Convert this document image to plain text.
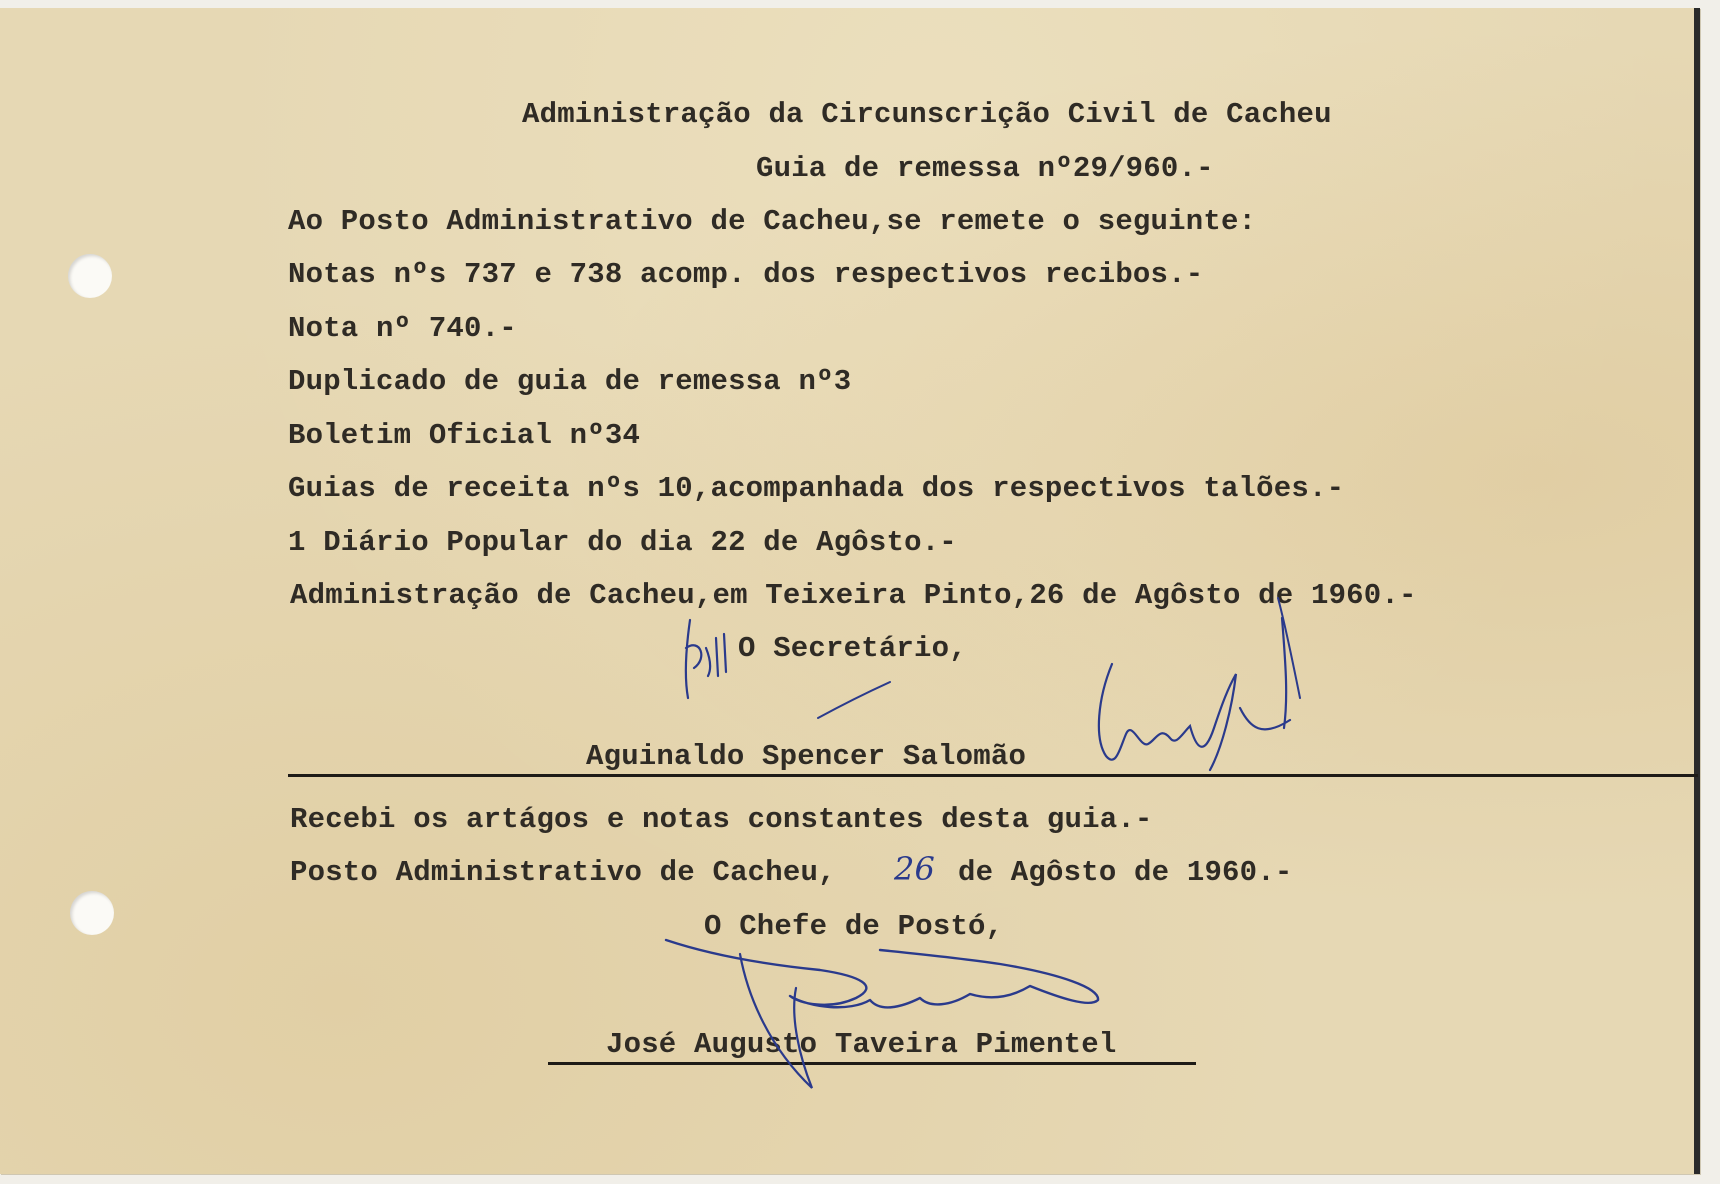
Administração da Circunscrição Civil de Cacheu
Guia de remessa nº29/960.-
Ao Posto Administrativo de Cacheu,se remete o seguinte:
Notas nºs 737 e 738 acomp. dos respectivos recibos.-
Nota nº 740.-
Duplicado de guia de remessa nº3
Boletim Oficial nº34
Guias de receita nºs 10,acompanhada dos respectivos talões.-
1 Diário Popular do dia 22 de Agôsto.-
Administração de Cacheu,em Teixeira Pinto,26 de Agôsto de 1960.-
O Secretário,
Aguinaldo Spencer Salomão
Recebi os artágos e notas constantes desta guia.-
Posto Administrativo de Cacheu, 26 de Agôsto de 1960.-
O Chefe de Postó,
José Augusto Taveira Pimentel
